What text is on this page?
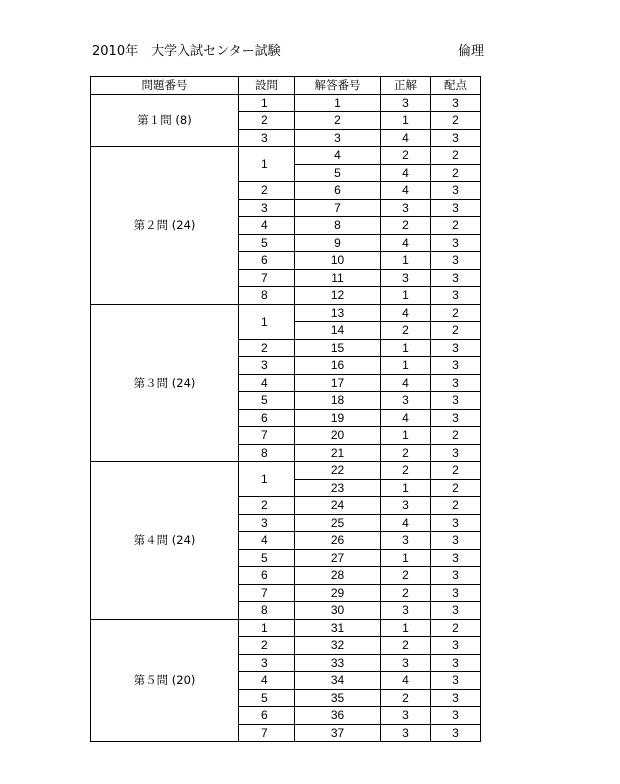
2010年　大学入試センター試験	倫理
問題番号	設問	解答番号	正解	配点
第１問 (8)	1	1	3	3
	2	2	1	2
	3	3	4	3
第２問 (24)	1	4	2	2
		5	4	2
	2	6	4	3
	3	7	3	3
	4	8	2	2
	5	9	4	3
	6	10	1	3
	7	11	3	3
	8	12	1	3
第３問 (24)	1	13	4	2
		14	2	2
	2	15	1	3
	3	16	1	3
	4	17	4	3
	5	18	3	3
	6	19	4	3
	7	20	1	2
	8	21	2	3
第４問 (24)	1	22	2	2
		23	1	2
	2	24	3	2
	3	25	4	3
	4	26	3	3
	5	27	1	3
	6	28	2	3
	7	29	2	3
	8	30	3	3
第５問 (20)	1	31	1	2
	2	32	2	3
	3	33	3	3
	4	34	4	3
	5	35	2	3
	6	36	3	3
	7	37	3	3
